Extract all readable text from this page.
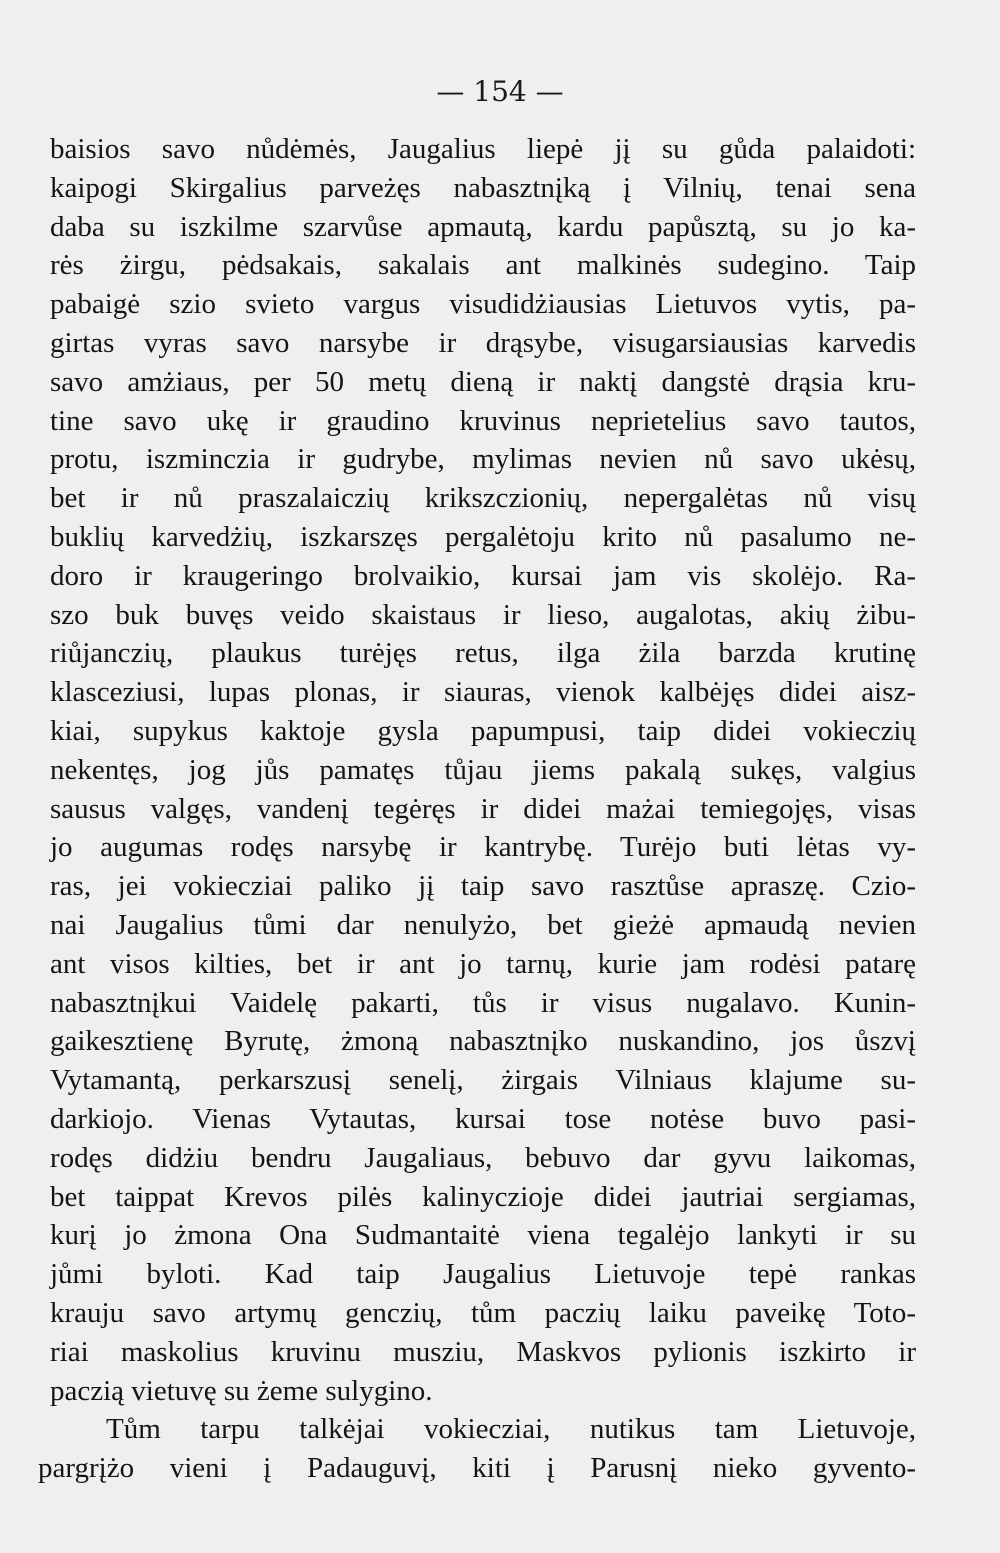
— 154 —
baisios savo nůdėmės, Jaugalius liepė jį su gůda palaidoti:
kaipogi Skirgalius parveżęs nabasztnįką į Vilnių, tenai sena
daba su iszkilme szarvůse apmautą, kardu papůsztą, su jo ka-
rės żirgu, pėdsakais, sakalais ant malkinės sudegino. Taip
pabaigė szio svieto vargus visudidżiausias Lietuvos vytis, pa-
girtas vyras savo narsybe ir drąsybe, visugarsiausias karvedis
savo amżiaus, per 50 metų dieną ir naktį dangstė drąsia kru-
tine savo ukę ir graudino kruvinus neprietelius savo tautos,
protu, iszminczia ir gudrybe, mylimas nevien nů savo ukėsų,
bet ir nů praszalaiczių krikszczionių, nepergalėtas nů visų
buklių karvedżių, iszkarszęs pergalėtoju krito nů pasalumo ne-
doro ir kraugeringo brolvaikio, kursai jam vis skolėjo. Ra-
szo buk buvęs veido skaistaus ir lieso, augalotas, akių żibu-
riůjanczių, plaukus turėjęs retus, ilga żila barzda krutinę
klasceziusi, lupas plonas, ir siauras, vienok kalbėjęs didei aisz-
kiai, supykus kaktoje gysla papumpusi, taip didei vokieczių
nekentęs, jog jůs pamatęs tůjau jiems pakalą sukęs, valgius
sausus valgęs, vandenį tegėręs ir didei mażai temiegojęs, visas
jo augumas rodęs narsybę ir kantrybę. Turėjo buti lėtas vy-
ras, jei vokiecziai paliko jį taip savo rasztůse apraszę. Czio-
nai Jaugalius tůmi dar nenulyżo, bet gieżė apmaudą nevien
ant visos kilties, bet ir ant jo tarnų, kurie jam rodėsi patarę
nabasztnįkui Vaidelę pakarti, tůs ir visus nugalavo. Kunin-
gaikesztienę Byrutę, żmoną nabasztnįko nuskandino, jos ůszvį
Vytamantą, perkarszusį senelį, żirgais Vilniaus klajume su-
darkiojo. Vienas Vytautas, kursai tose notėse buvo pasi-
rodęs didżiu bendru Jaugaliaus, bebuvo dar gyvu laikomas,
bet taippat Krevos pilės kalinyczioje didei jautriai sergiamas,
kurį jo żmona Ona Sudmantaitė viena tegalėjo lankyti ir su
jůmi byloti. Kad taip Jaugalius Lietuvoje tepė rankas
krauju savo artymų genczių, tům paczių laiku paveikę Toto-
riai maskolius kruvinu musziu, Maskvos pylionis iszkirto ir
paczią vietuvę su żeme sulygino.
Tům tarpu talkėjai vokiecziai, nutikus tam Lietuvoje,
pargrįżo vieni į Padauguvį, kiti į Parusnį nieko gyvento-
